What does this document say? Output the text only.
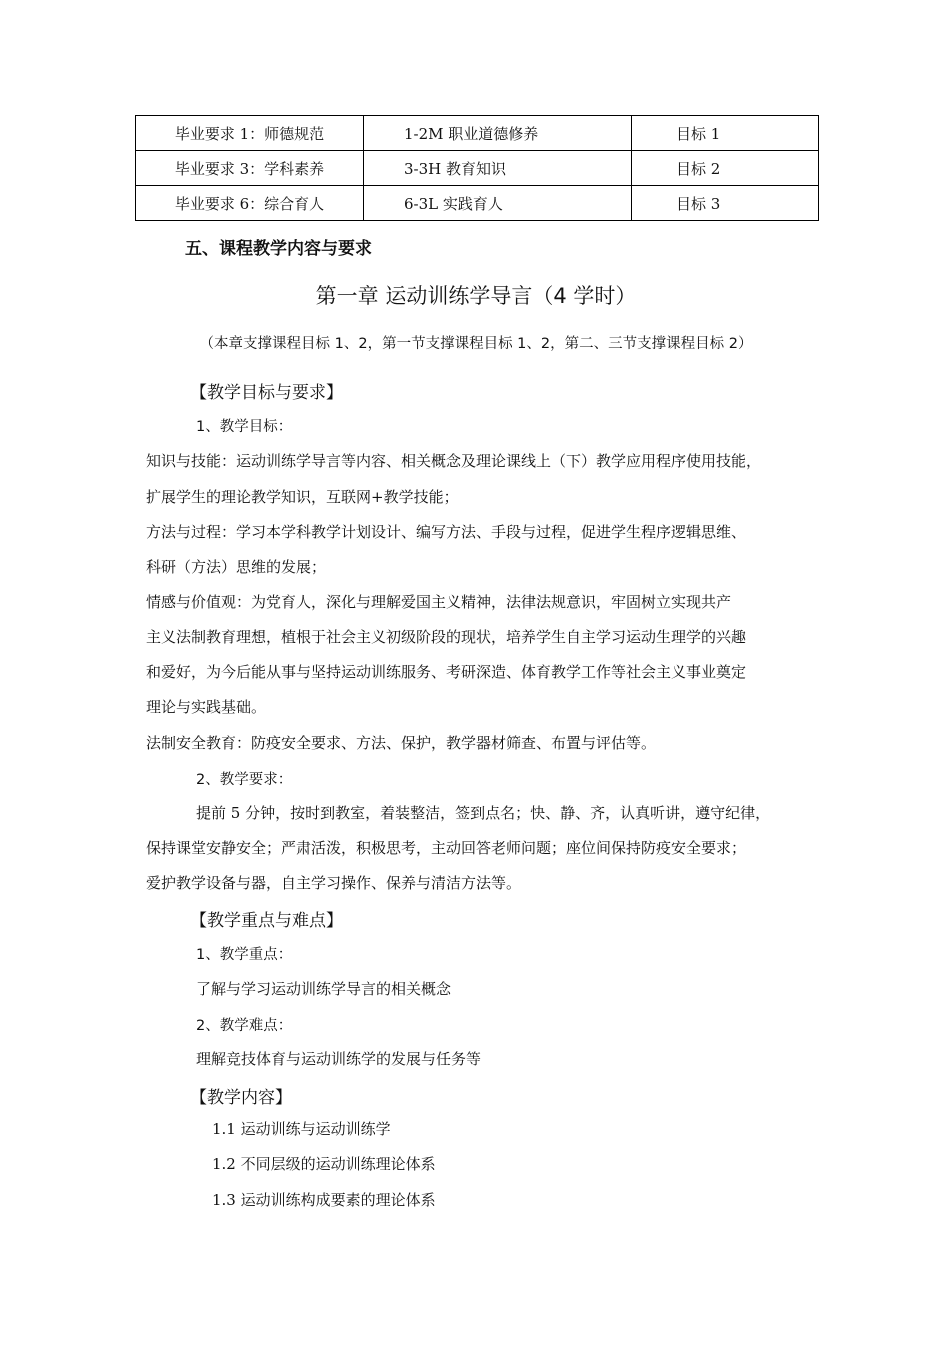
毕业要求 1：师德规范	1-2M 职业道德修养	目标 1
毕业要求 3：学科素养	3-3H 教育知识	目标 2
毕业要求 6：综合育人	6-3L 实践育人	目标 3
五、课程教学内容与要求
第一章 运动训练学导言（4 学时）
（本章支撑课程目标 1、2，第一节支撑课程目标 1、2，第二、三节支撑课程目标 2）
【教学目标与要求】
1、教学目标：
知识与技能：运动训练学导言等内容、相关概念及理论课线上（下）教学应用程序使用技能，
扩展学生的理论教学知识，互联网+教学技能；
方法与过程：学习本学科教学计划设计、编写方法、手段与过程，促进学生程序逻辑思维、
科研（方法）思维的发展；
情感与价值观：为党育人，深化与理解爱国主义精神，法律法规意识，牢固树立实现共产
主义法制教育理想，植根于社会主义初级阶段的现状，培养学生自主学习运动生理学的兴趣
和爱好，为今后能从事与坚持运动训练服务、考研深造、体育教学工作等社会主义事业奠定
理论与实践基础。
法制安全教育：防疫安全要求、方法、保护，教学器材筛查、布置与评估等。
2、教学要求：
提前 5 分钟，按时到教室，着装整洁，签到点名；快、静、齐，认真听讲，遵守纪律，
保持课堂安静安全；严肃活泼，积极思考，主动回答老师问题；座位间保持防疫安全要求；
爱护教学设备与器，自主学习操作、保养与清洁方法等。
【教学重点与难点】
1、教学重点：
了解与学习运动训练学导言的相关概念
2、教学难点：
理解竞技体育与运动训练学的发展与任务等
【教学内容】
1.1 运动训练与运动训练学
1.2 不同层级的运动训练理论体系
1.3 运动训练构成要素的理论体系
